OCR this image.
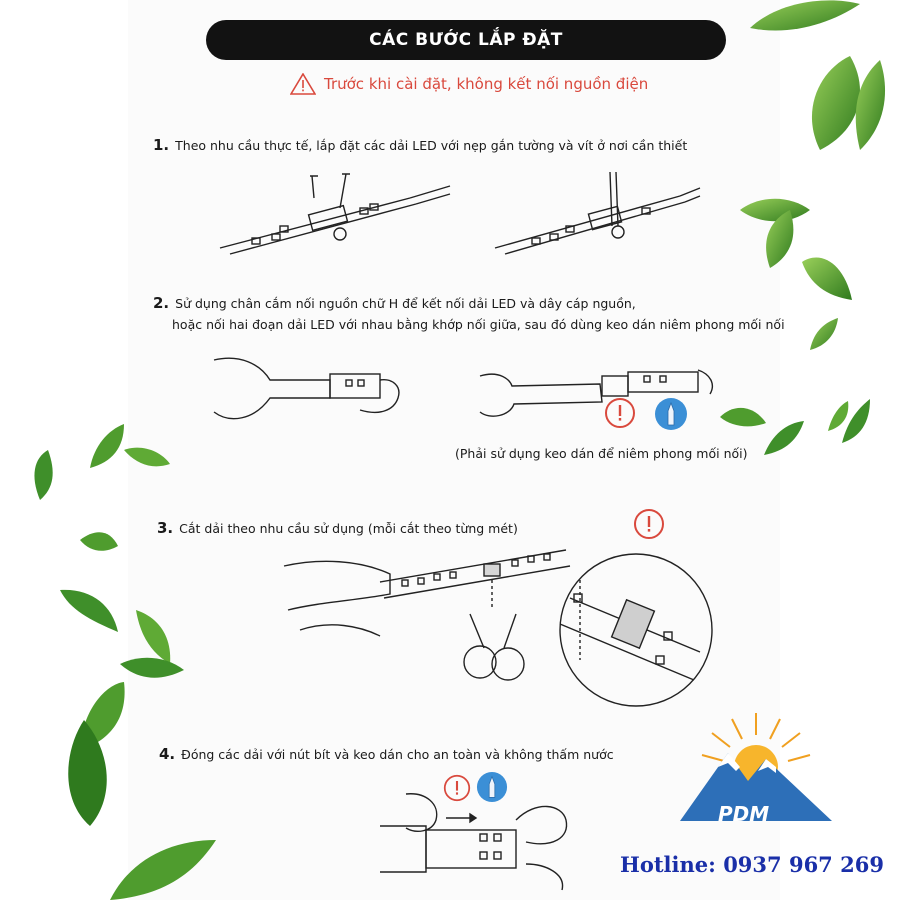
CÁC BƯỚC LẮP ĐẶT
Trước khi cài đặt, không kết nối nguồn điện
1. Theo nhu cầu thực tế, lắp đặt các dải LED với nẹp gắn tường và vít ở nơi cần thiết
2. Sử dụng chân cắm nối nguồn chữ H để kết nối dải LED và dây cáp nguồn,
hoặc nối hai đoạn dải LED với nhau bằng khớp nối giữa, sau đó dùng keo dán niêm phong mối nối
(Phải sử dụng keo dán để niêm phong mối nối)
3. Cắt dải theo nhu cầu sử dụng (mỗi cắt theo từng mét)
4. Đóng các dải với nút bít và keo dán cho an toàn và không thấm nước
PDM
Hotline: 0937 967 269
